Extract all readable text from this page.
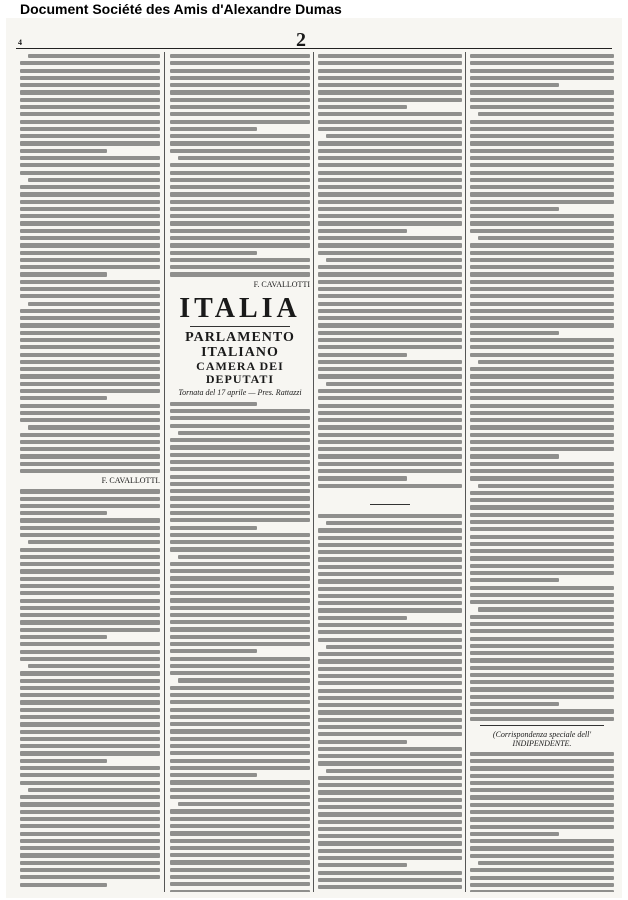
Document Société des Amis d'Alexandre Dumas
4	2
F. CAVALLOTTI.
F. CAVALLOTTI
ITALIA
PARLAMENTO ITALIANO
CAMERA DEI DEPUTATI
Tornata del 17 aprile — Pres. Rattazzi
(Corrispondenza speciale dell' INDIPENDENTE.
